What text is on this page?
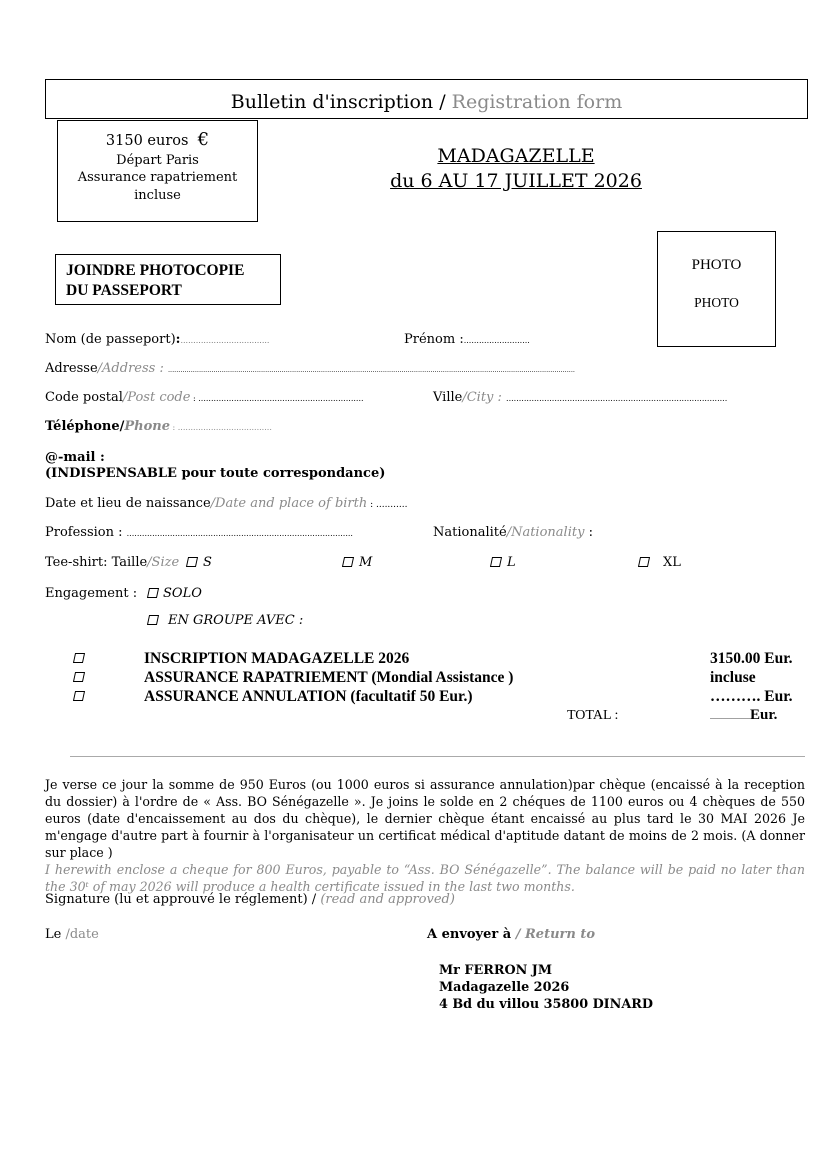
Bulletin d'inscription / Registration form
3150 euros €
Départ Paris
Assurance rapatriement
incluse
MADAGAZELLE
du 6 AU 17 JUILLET 2026
JOINDRE PHOTOCOPIE
DU PASSEPORT
PHOTO
PHOTO
Nom (de passeport):...................................	Prénom :..........................
Adresse/Address : .....................................................................................................................................................................................................
Code postal/Post code : .................................................................	Ville/City : .......................................................................................
Téléphone/Phone : .....................................
@-mail :
(INDISPENSABLE pour toute correspondance)
Date et lieu de naissance/Date and place of birth : ...........
Profession : .........................................................................................	Nationalité/Nationality :
Tee-shirt: Taille/Size	S	M	L	XL
Engagement :	SOLO
EN GROUPE AVEC :
INSCRIPTION MADAGAZELLE 2026	3150.00 Eur.
ASSURANCE RAPATRIEMENT (Mondial Assistance )	incluse
ASSURANCE ANNULATION (facultatif 50 Eur.)	………. Eur.
TOTAL :	....................Eur.
Je verse ce jour la somme de 950 Euros (ou 1000 euros si assurance annulation)par chèque (encaissé à la reception du dossier) à l'ordre de « Ass. BO Sénégazelle ». Je joins le solde en 2 chéques de 1100 euros ou 4 chèques de 550 euros (date d'encaissement au dos du chèque), le dernier chèque étant encaissé au plus tard le 30 MAI 2026 Je m'engage d'autre part à fournir à l'organisateur un certificat médical d'aptitude datant de moins de 2 mois. (A donner sur place )
I herewith enclose a cheque for 800 Euros, payable to “Ass. BO Sénégazelle”. The balance will be paid no later than the 30ᵗ of may 2026 will produce a health certificate issued in the last two months.
Signature (lu et approuvé le réglement) / (read and approved)
Le /date	A envoyer à / Return to
Mr FERRON JM
Madagazelle 2026
4 Bd du villou 35800 DINARD
